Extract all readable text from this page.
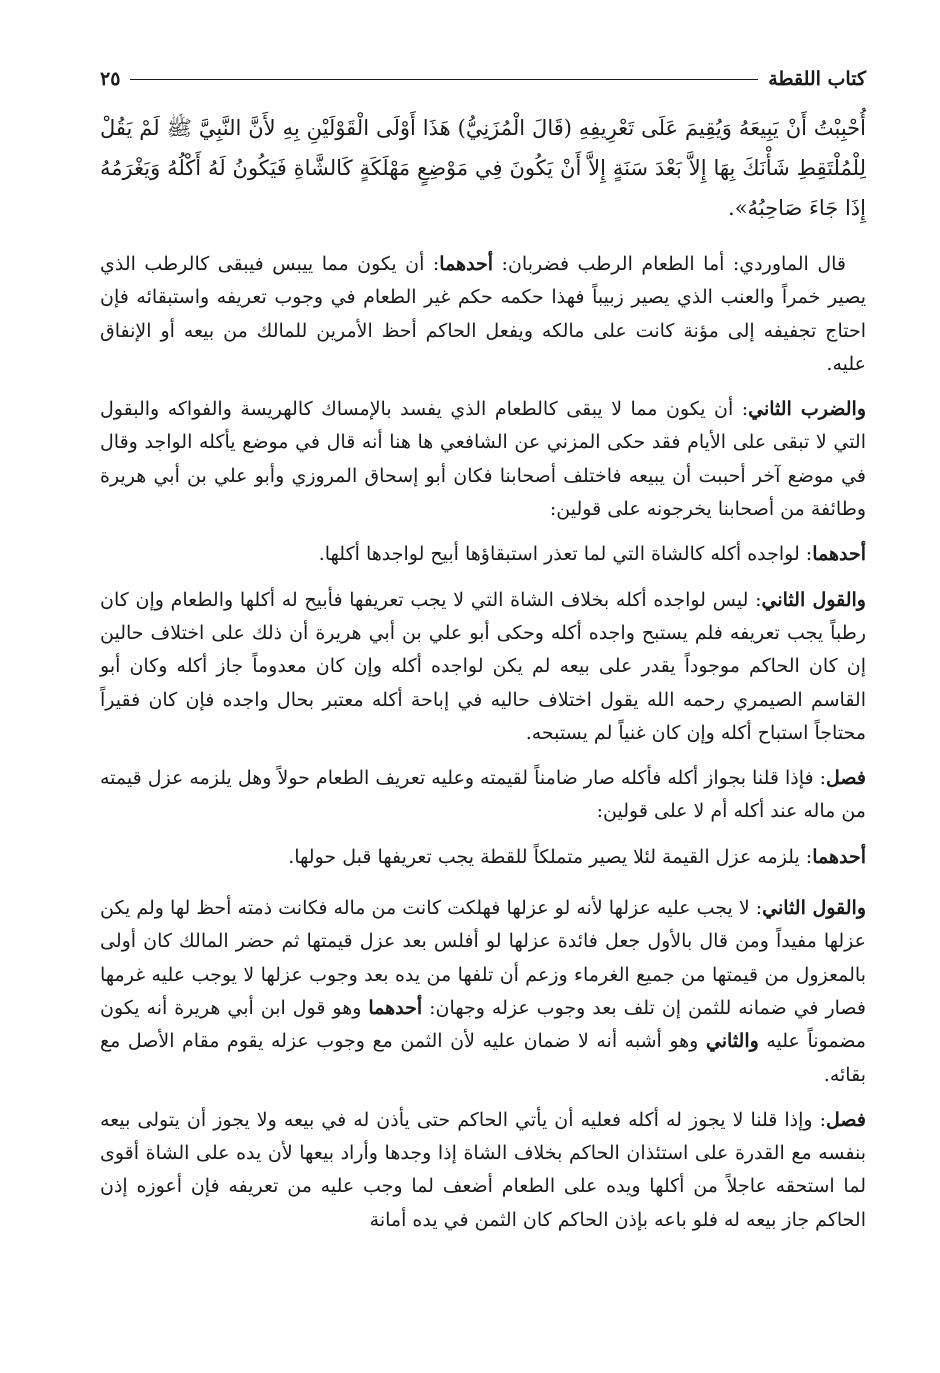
كتاب اللقطة
٢٥

أُحْبِبْتُ أَنْ يَبِيعَهُ وَيُقِيمَ عَلَى تَعْرِيفِهِ (قَالَ الْمُزَنِيُّ) هَذَا أَوْلَى الْقَوْلَيْنِ بِهِ لأَنَّ النَّبِيَّ ﷺ لَمْ يَقُلْ لِلْمُلْتَقِطِ شَأْنَكَ بِهَا إِلاَّ بَعْدَ سَنَةٍ إِلاَّ أَنْ يَكُونَ فِي مَوْضِعٍ مَهْلَكَةٍ كَالشَّاةِ فَيَكُونُ لَهُ أَكْلُهُ وَيَغْرَمُهُ إِذَا جَاءَ صَاحِبُهُ».

قال الماوردي: أما الطعام الرطب فضربان: أحدهما: أن يكون مما ييبس فيبقى كالرطب الذي يصير خمراً والعنب الذي يصير زبيباً فهذا حكمه حكم غير الطعام في وجوب تعريفه واستبقائه فإن احتاج تجفيفه إلى مؤنة كانت على مالكه ويفعل الحاكم أحظ الأمرين للمالك من بيعه أو الإنفاق عليه.

والضرب الثاني: أن يكون مما لا يبقى كالطعام الذي يفسد بالإمساك كالهريسة والفواكه والبقول التي لا تبقى على الأيام فقد حكى المزني عن الشافعي ها هنا أنه قال في موضع يأكله الواجد وقال في موضع آخر أحببت أن يبيعه فاختلف أصحابنا فكان أبو إسحاق المروزي وأبو علي بن أبي هريرة وطائفة من أصحابنا يخرجونه على قولين:

أحدهما: لواجده أكله كالشاة التي لما تعذر استبقاؤها أبيح لواجدها أكلها.

والقول الثاني: ليس لواجده أكله بخلاف الشاة التي لا يجب تعريفها فأبيح له أكلها والطعام وإن كان رطباً يجب تعريفه فلم يستبح واجده أكله وحكى أبو علي بن أبي هريرة أن ذلك على اختلاف حالين إن كان الحاكم موجوداً يقدر على بيعه لم يكن لواجده أكله وإن كان معدوماً جاز أكله وكان أبو القاسم الصيمري رحمه الله يقول اختلاف حاليه في إباحة أكله معتبر بحال واجده فإن كان فقيراً محتاجاً استباح أكله وإن كان غنياً لم يستبحه.

فصل: فإذا قلنا بجواز أكله فأكله صار ضامناً لقيمته وعليه تعريف الطعام حولاً وهل يلزمه عزل قيمته من ماله عند أكله أم لا على قولين:

أحدهما: يلزمه عزل القيمة لئلا يصير متملكاً للقطة يجب تعريفها قبل حولها.

والقول الثاني: لا يجب عليه عزلها لأنه لو عزلها فهلكت كانت من ماله فكانت ذمته أحظ لها ولم يكن عزلها مفيداً ومن قال بالأول جعل فائدة عزلها لو أفلس بعد عزل قيمتها ثم حضر المالك كان أولى بالمعزول من قيمتها من جميع الغرماء وزعم أن تلفها من يده بعد وجوب عزلها لا يوجب عليه غرمها فصار في ضمانه للثمن إن تلف بعد وجوب عزله وجهان: أحدهما وهو قول ابن أبي هريرة أنه يكون مضموناً عليه والثاني وهو أشبه أنه لا ضمان عليه لأن الثمن مع وجوب عزله يقوم مقام الأصل مع بقائه.

فصل: وإذا قلنا لا يجوز له أكله فعليه أن يأتي الحاكم حتى يأذن له في بيعه ولا يجوز أن يتولى بيعه بنفسه مع القدرة على استئذان الحاكم بخلاف الشاة إذا وجدها وأراد بيعها لأن يده على الشاة أقوى لما استحقه عاجلاً من أكلها ويده على الطعام أضعف لما وجب عليه من تعريفه فإن أعوزه إذن الحاكم جاز بيعه له فلو باعه بإذن الحاكم كان الثمن في يده أمانة
